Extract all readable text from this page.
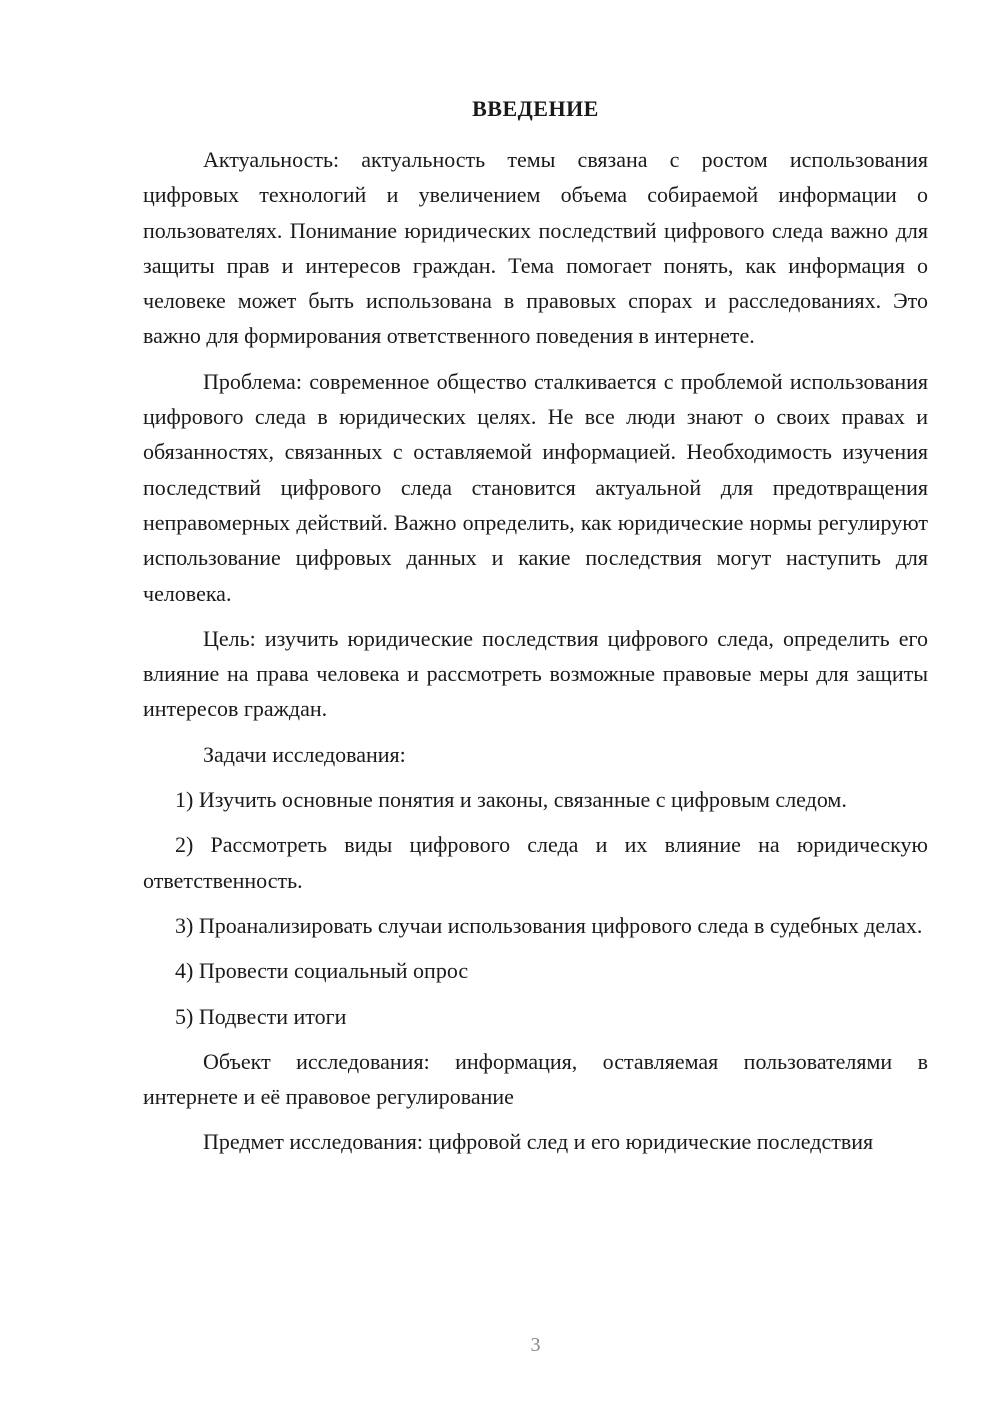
ВВЕДЕНИЕ

Актуальность: актуальность темы связана с ростом использования цифровых технологий и увеличением объема собираемой информации о пользователях. Понимание юридических последствий цифрового следа важно для защиты прав и интересов граждан. Тема помогает понять, как информация о человеке может быть использована в правовых спорах и расследованиях. Это важно для формирования ответственного поведения в интернете.

Проблема: современное общество сталкивается с проблемой использования цифрового следа в юридических целях. Не все люди знают о своих правах и обязанностях, связанных с оставляемой информацией. Необходимость изучения последствий цифрового следа становится актуальной для предотвращения неправомерных действий. Важно определить, как юридические нормы регулируют использование цифровых данных и какие последствия могут наступить для человека.

Цель: изучить юридические последствия цифрового следа, определить его влияние на права человека и рассмотреть возможные правовые меры для защиты интересов граждан.

Задачи исследования:

1) Изучить основные понятия и законы, связанные с цифровым следом.

2) Рассмотреть виды цифрового следа и их влияние на юридическую ответственность.

3) Проанализировать случаи использования цифрового следа в судебных делах.

4) Провести социальный опрос

5) Подвести итоги

Объект исследования: информация, оставляемая пользователями в интернете и её правовое регулирование

Предмет исследования: цифровой след и его юридические последствия

3
